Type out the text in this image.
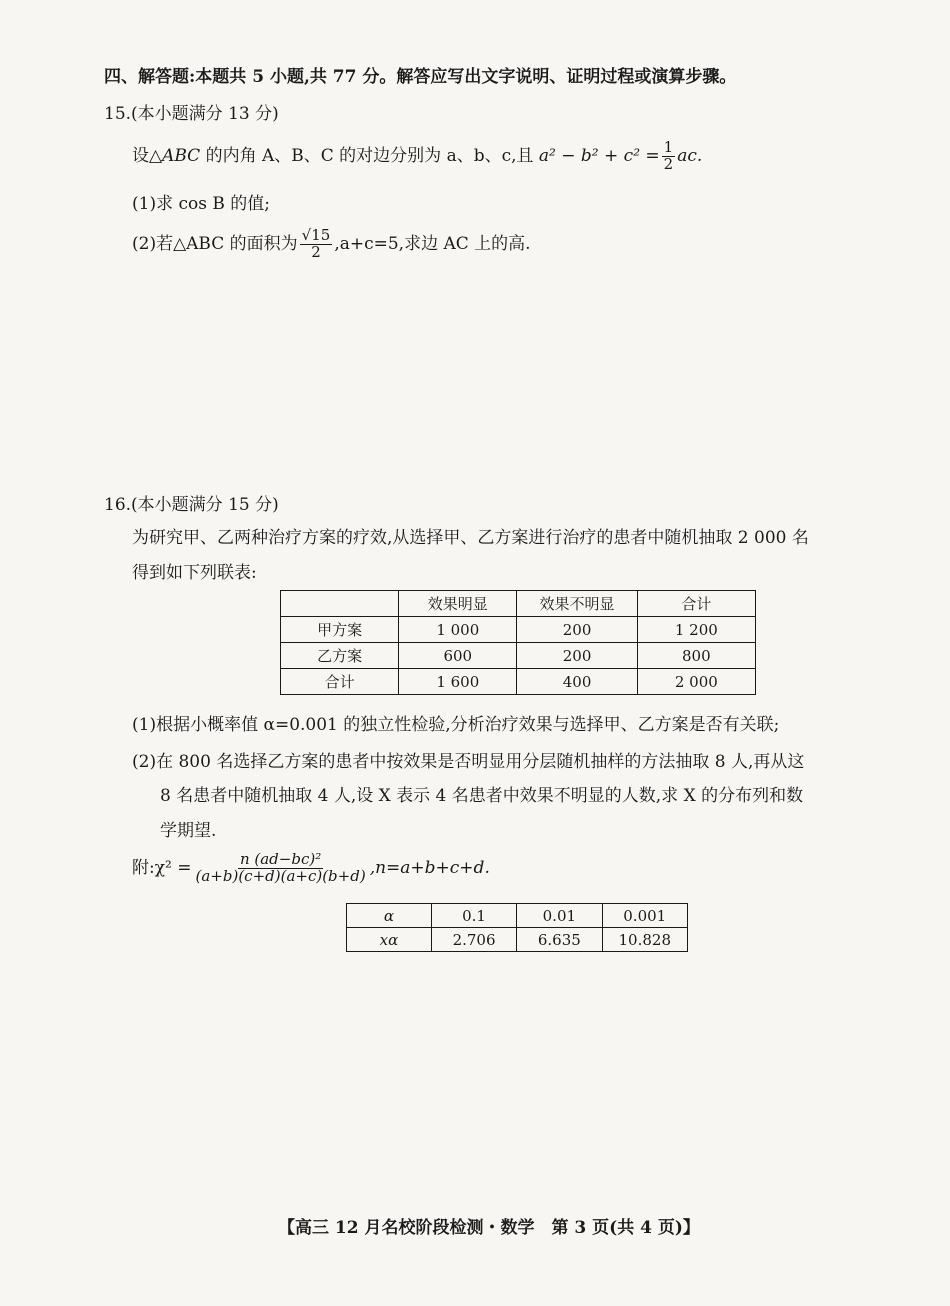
四、解答题:本题共 5 小题,共 77 分。解答应写出文字说明、证明过程或演算步骤。
15.(本小题满分 13 分)
设△ABC 的内角 A、B、C 的对边分别为 a、b、c,且 $a^2 - b^2 + c^2 = \frac{1}{2}$ ac.
(1)求 cos B 的值;
(2)若△ABC 的面积为 $\frac{√15}{2} ,a+c=5$,求边 AC 上的高.
16.(本小题满分 15 分)
为研究甲、乙两种治疗方案的疗效,从选择甲、乙方案进行治疗的患者中随机抽取 2 000 名
得到如下列联表:
	效果明显	效果不明显	合计
甲方案	1 000	200	1 200
乙方案	600	200	800
合计	1 600	400	2 000
(1)根据小概率值 α=0.001 的独立性检验,分析治疗效果与选择甲、乙方案是否有关联;
(2)在 800 名选择乙方案的患者中按效果是否明显用分层随机抽样的方法抽取 8 人,再从这
8 名患者中随机抽取 4 人,设 X 表示 4 名患者中效果不明显的人数,求 X 的分布列和数
学期望.
附:χ² = $\frac{\text{n (ad−bc)²}}{(a+b)(c+d)(a+c)(b+d)} ,n=a+b+c+d$.
α	0.1	0.01	0.001
xα	2.706	6.635	10.828
【高三 12 月名校阶段检测・数学　第 3 页(共 4 页)】
